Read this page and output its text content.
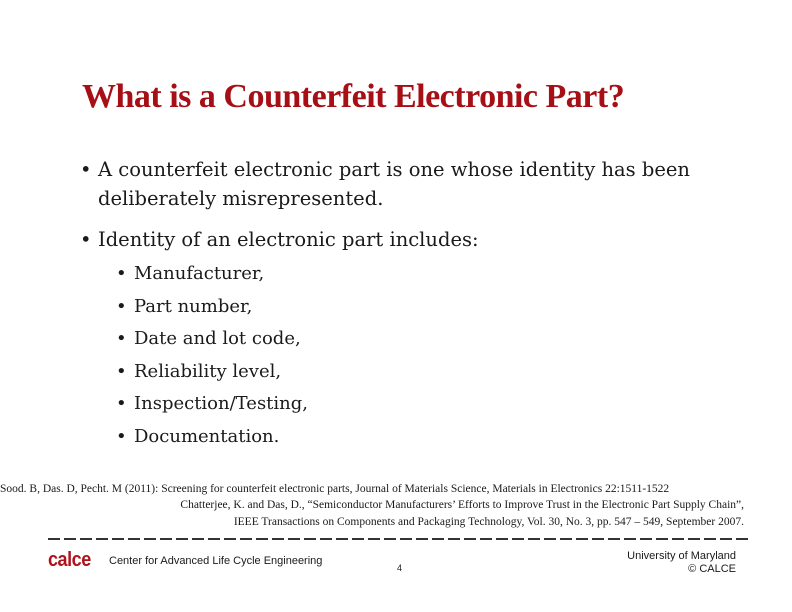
What is a Counterfeit Electronic Part?
• A counterfeit electronic part is one whose identity has been deliberately misrepresented.
• Identity of an electronic part includes:
• Manufacturer,
• Part number,
• Date and lot code,
• Reliability level,
• Inspection/Testing,
• Documentation.
Sood. B, Das. D, Pecht. M (2011): Screening for counterfeit electronic parts, Journal of Materials Science, Materials in Electronics 22:1511-1522
Chatterjee, K. and Das, D., “Semiconductor Manufacturers’ Efforts to Improve Trust in the Electronic Part Supply Chain”,
IEEE Transactions on Components and Packaging Technology, Vol. 30, No. 3, pp. 547 – 549, September 2007.
calce Center for Advanced Life Cycle Engineering
4
University of Maryland
© CALCE
